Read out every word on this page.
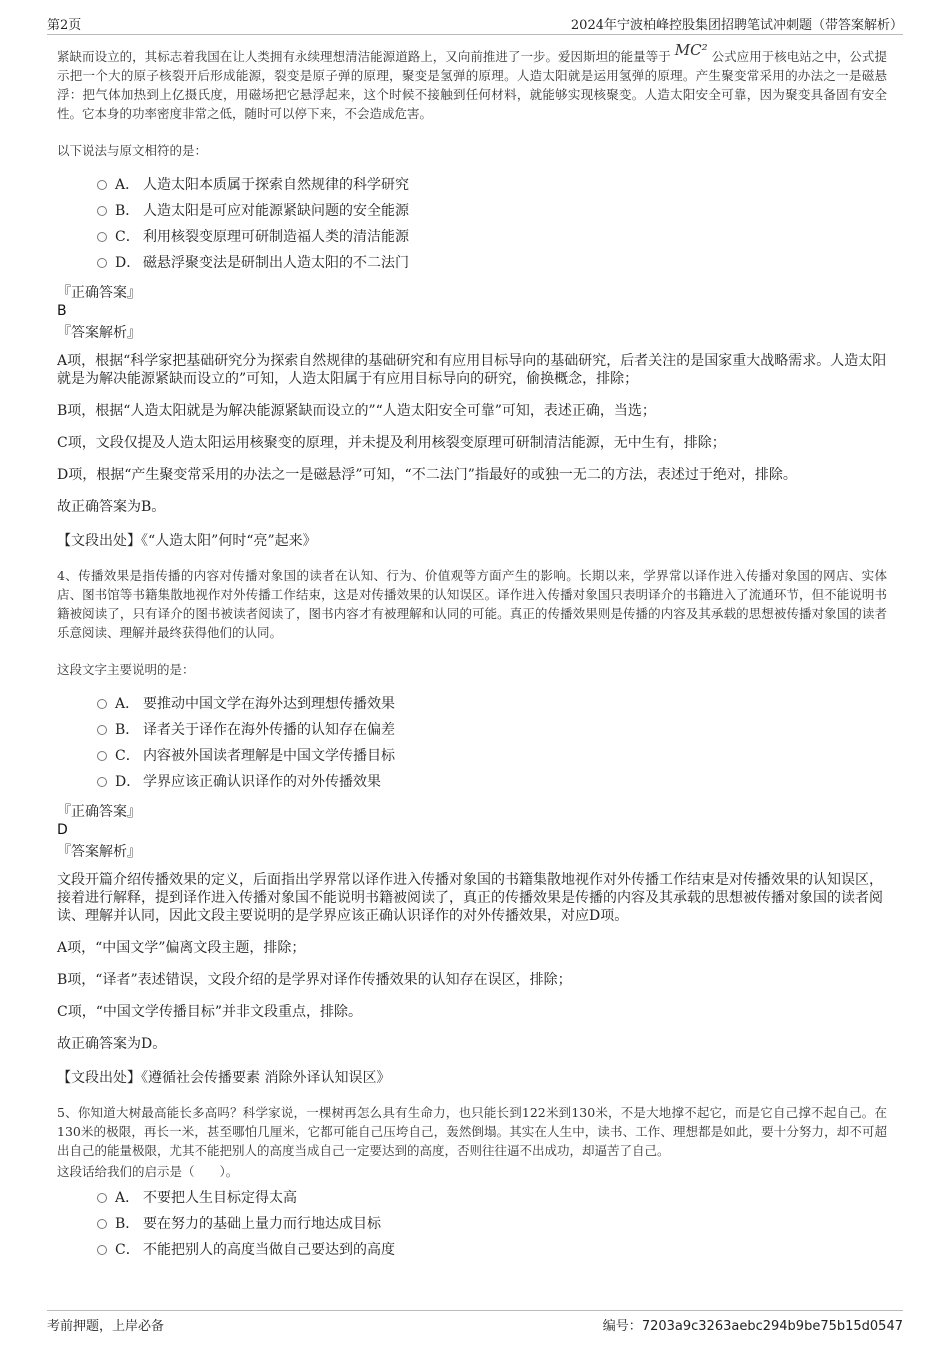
第2页	2024年宁波柏峰控股集团招聘笔试冲刺题（带答案解析）

紧缺而设立的，其标志着我国在让人类拥有永续理想清洁能源道路上，又向前推进了一步。爱因斯坦的能量等于 MC² 公式应用于核电站之中，公式提示把一个大的原子核裂开后形成能源，裂变是原子弹的原理，聚变是氢弹的原理。人造太阳就是运用氢弹的原理。产生聚变常采用的办法之一是磁悬浮：把气体加热到上亿摄氏度，用磁场把它悬浮起来，这个时候不接触到任何材料，就能够实现核聚变。人造太阳安全可靠，因为聚变具备固有安全性。它本身的功率密度非常之低，随时可以停下来，不会造成危害。

以下说法与原文相符的是：

A． 人造太阳本质属于探索自然规律的科学研究
B． 人造太阳是可应对能源紧缺问题的安全能源
C． 利用核裂变原理可研制造福人类的清洁能源
D． 磁悬浮聚变法是研制出人造太阳的不二法门
『正确答案』
B
『答案解析』

A项，根据“科学家把基础研究分为探索自然规律的基础研究和有应用目标导向的基础研究，后者关注的是国家重大战略需求。人造太阳就是为解决能源紧缺而设立的”可知，人造太阳属于有应用目标导向的研究，偷换概念，排除；

B项，根据“人造太阳就是为解决能源紧缺而设立的”“人造太阳安全可靠”可知，表述正确，当选；

C项，文段仅提及人造太阳运用核聚变的原理，并未提及利用核裂变原理可研制清洁能源，无中生有，排除；

D项，根据“产生聚变常采用的办法之一是磁悬浮”可知，“不二法门”指最好的或独一无二的方法，表述过于绝对，排除。

故正确答案为B。

【文段出处】《“人造太阳”何时“亮”起来》

4、传播效果是指传播的内容对传播对象国的读者在认知、行为、价值观等方面产生的影响。长期以来，学界常以译作进入传播对象国的网店、实体店、图书馆等书籍集散地视作对外传播工作结束，这是对传播效果的认知误区。译作进入传播对象国只表明译介的书籍进入了流通环节，但不能说明书籍被阅读了，只有译介的图书被读者阅读了，图书内容才有被理解和认同的可能。真正的传播效果则是传播的内容及其承载的思想被传播对象国的读者乐意阅读、理解并最终获得他们的认同。

这段文字主要说明的是：

A． 要推动中国文学在海外达到理想传播效果
B． 译者关于译作在海外传播的认知存在偏差
C． 内容被外国读者理解是中国文学传播目标
D． 学界应该正确认识译作的对外传播效果
『正确答案』
D
『答案解析』

文段开篇介绍传播效果的定义，后面指出学界常以译作进入传播对象国的书籍集散地视作对外传播工作结束是对传播效果的认知误区，接着进行解释，提到译作进入传播对象国不能说明书籍被阅读了，真正的传播效果是传播的内容及其承载的思想被传播对象国的读者阅读、理解并认同，因此文段主要说明的是学界应该正确认识译作的对外传播效果，对应D项。

A项，“中国文学”偏离文段主题，排除；

B项，“译者”表述错误，文段介绍的是学界对译作传播效果的认知存在误区，排除；

C项，“中国文学传播目标”并非文段重点，排除。

故正确答案为D。

【文段出处】《遵循社会传播要素 消除外译认知误区》

5、你知道大树最高能长多高吗？科学家说，一棵树再怎么具有生命力，也只能长到122米到130米，不是大地撑不起它，而是它自己撑不起自己。在130米的极限，再长一米，甚至哪怕几厘米，它都可能自己压垮自己，轰然倒塌。其实在人生中，读书、工作、理想都是如此，要十分努力，却不可超出自己的能量极限，尤其不能把别人的高度当成自己一定要达到的高度，否则往往逼不出成功，却逼苦了自己。

这段话给我们的启示是（　　）。

A． 不要把人生目标定得太高
B． 要在努力的基础上量力而行地达成目标
C． 不能把别人的高度当做自己要达到的高度
考前押题，上岸必备	编号：7203a9c3263aebc294b9be75b15d0547
